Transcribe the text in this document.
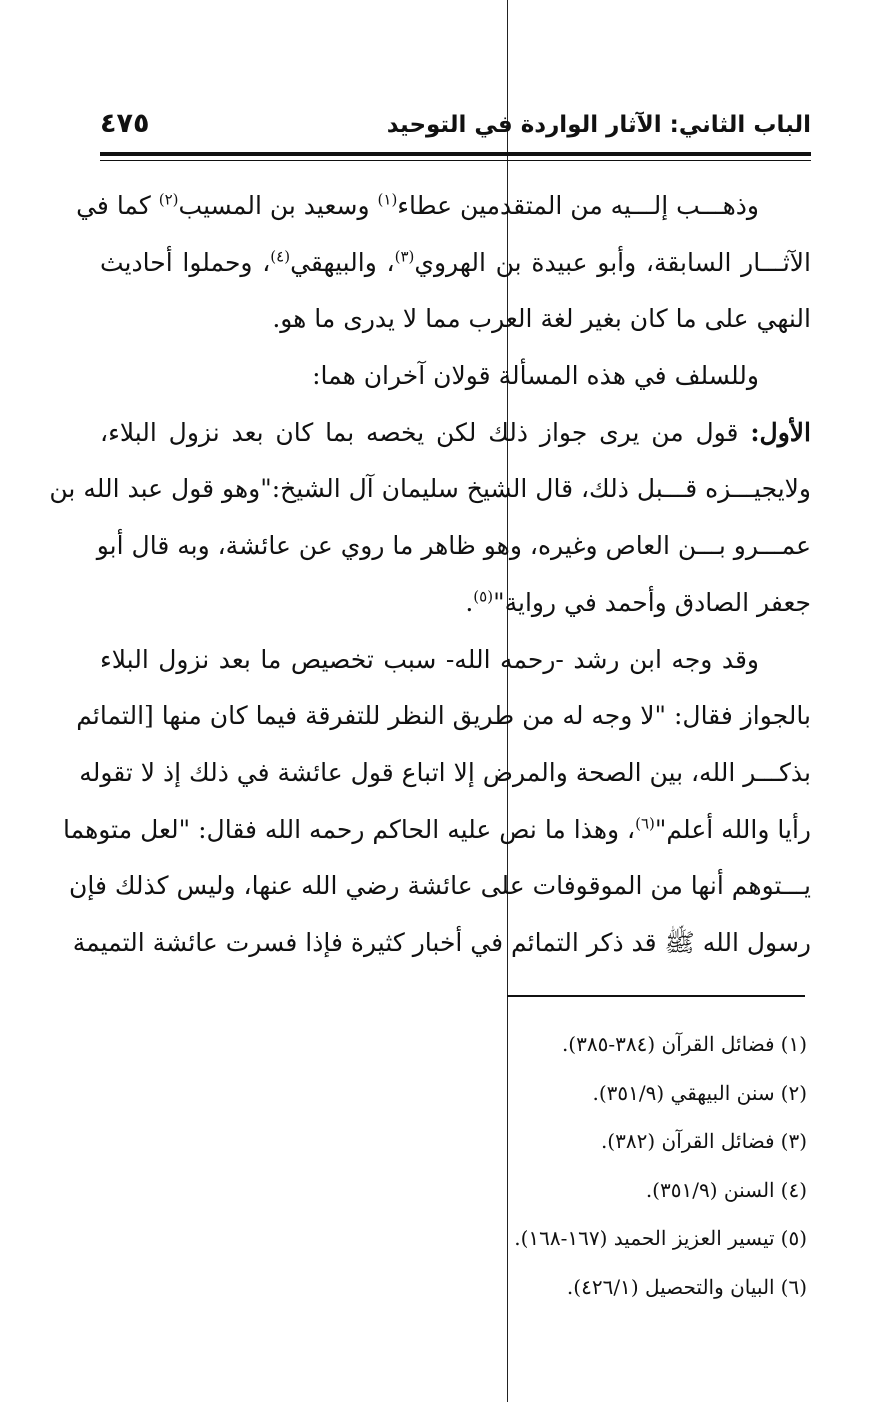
الباب الثاني: الآثار الواردة في التوحيد
٤٧٥
وذهـــب إلـــيه من المتقدمين عطاء$^{(١)}$ وسعيد بن المسيب$^{(٢)}$ كما في
الآثـــار السابقة، وأبو عبيدة بن الهروي$^{(٣)}$، والبيهقي$^{(٤)}$، وحملوا أحاديث
النهي على ما كان بغير لغة العرب مما لا يدرى ما هو.
وللسلف في هذه المسألة قولان آخران هما:
الأول: قول من يرى جواز ذلك لكن يخصه بما كان بعد نزول البلاء،
ولايجيـــزه قـــبل ذلك، قال الشيخ سليمان آل الشيخ:"وهو قول عبد الله بن
عمـــرو بـــن العاص وغيره، وهو ظاهر ما روي عن عائشة، وبه قال أبو
جعفر الصادق وأحمد في رواية"$^{(٥)}$.
وقد وجه ابن رشد -رحمه الله- سبب تخصيص ما بعد نزول البلاء
بالجواز فقال: "لا وجه له من طريق النظر للتفرقة فيما كان منها [التمائم
بذكـــر الله، بين الصحة والمرض إلا اتباع قول عائشة في ذلك إذ لا تقوله
رأيا والله أعلم"$^{(٦)}$، وهذا ما نص عليه الحاكم رحمه الله فقال: "لعل متوهما
يـــتوهم أنها من الموقوفات على عائشة رضي الله عنها، وليس كذلك فإن
رسول الله ﷺ قد ذكر التمائم في أخبار كثيرة فإذا فسرت عائشة التميمة
(١)فضائل القرآن (٣٨٤-٣٨٥).
(٢)سنن البيهقي (٣٥١/٩).
(٣)فضائل القرآن (٣٨٢).
(٤)السنن (٣٥١/٩).
(٥)تيسير العزيز الحميد (١٦٧-١٦٨).
(٦)البيان والتحصيل (٤٢٦/١).
